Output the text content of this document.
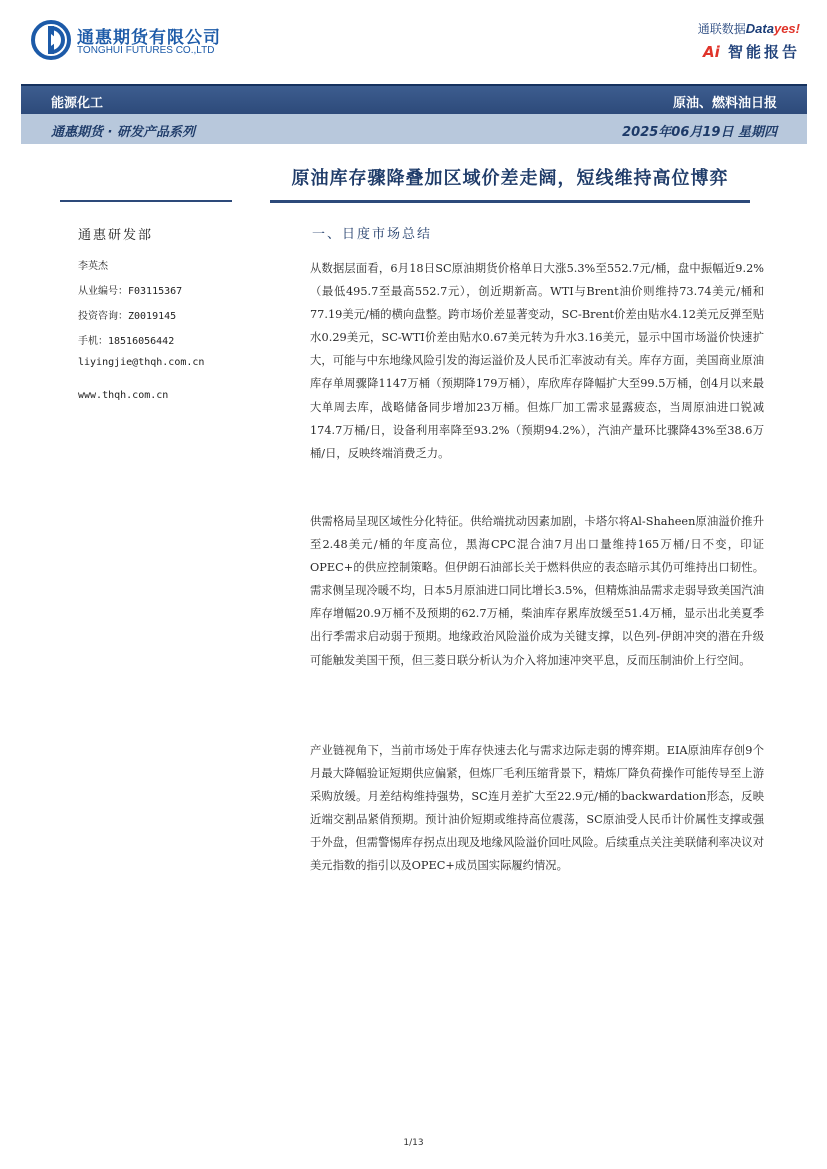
通惠期货有限公司
TONGHUI FUTURES CO.,LTD
通联数据Datayes!
Ai 智能报告
能源化工	原油、燃料油日报
通惠期货 · 研发产品系列	2025年06月19日 星期四
原油库存骤降叠加区域价差走阔，短线维持高位博弈
通惠研发部
李英杰
从业编号：F03115367
投资咨询：Z0019145
手机：18516056442
liyingjie@thqh.com.cn
www.thqh.com.cn
一、日度市场总结

从数据层面看，6月18日SC原油期货价格单日大涨5.3%至552.7元/桶，盘中振幅近9.2%（最低495.7至最高552.7元），创近期新高。WTI与Brent油价则维持73.74美元/桶和77.19美元/桶的横向盘整。跨市场价差显著变动，SC-Brent价差由贴水4.12美元反弹至贴水0.29美元，SC-WTI价差由贴水0.67美元转为升水3.16美元，显示中国市场溢价快速扩大，可能与中东地缘风险引发的海运溢价及人民币汇率波动有关。库存方面，美国商业原油库存单周骤降1147万桶（预期降179万桶），库欣库存降幅扩大至99.5万桶，创4月以来最大单周去库，战略储备同步增加23万桶。但炼厂加工需求显露疲态，当周原油进口锐减174.7万桶/日，设备利用率降至93.2%（预期94.2%），汽油产量环比骤降43%至38.6万桶/日，反映终端消费乏力。

供需格局呈现区域性分化特征。供给端扰动因素加剧，卡塔尔将Al-Shaheen原油溢价推升至2.48美元/桶的年度高位，黑海CPC混合油7月出口量维持165万桶/日不变，印证OPEC+的供应控制策略。但伊朗石油部长关于燃料供应的表态暗示其仍可维持出口韧性。需求侧呈现冷暖不均，日本5月原油进口同比增长3.5%，但精炼油品需求走弱导致美国汽油库存增幅20.9万桶不及预期的62.7万桶，柴油库存累库放缓至51.4万桶，显示出北美夏季出行季需求启动弱于预期。地缘政治风险溢价成为关键支撑，以色列-伊朗冲突的潜在升级可能触发美国干预，但三菱日联分析认为介入将加速冲突平息，反而压制油价上行空间。

产业链视角下，当前市场处于库存快速去化与需求边际走弱的博弈期。EIA原油库存创9个月最大降幅验证短期供应偏紧，但炼厂毛利压缩背景下，精炼厂降负荷操作可能传导至上游采购放缓。月差结构维持强势，SC连月差扩大至22.9元/桶的backwardation形态，反映近端交割品紧俏预期。预计油价短期或维持高位震荡，SC原油受人民币计价属性支撑或强于外盘，但需警惕库存拐点出现及地缘风险溢价回吐风险。后续重点关注美联储利率决议对美元指数的指引以及OPEC+成员国实际履约情况。

1/13
